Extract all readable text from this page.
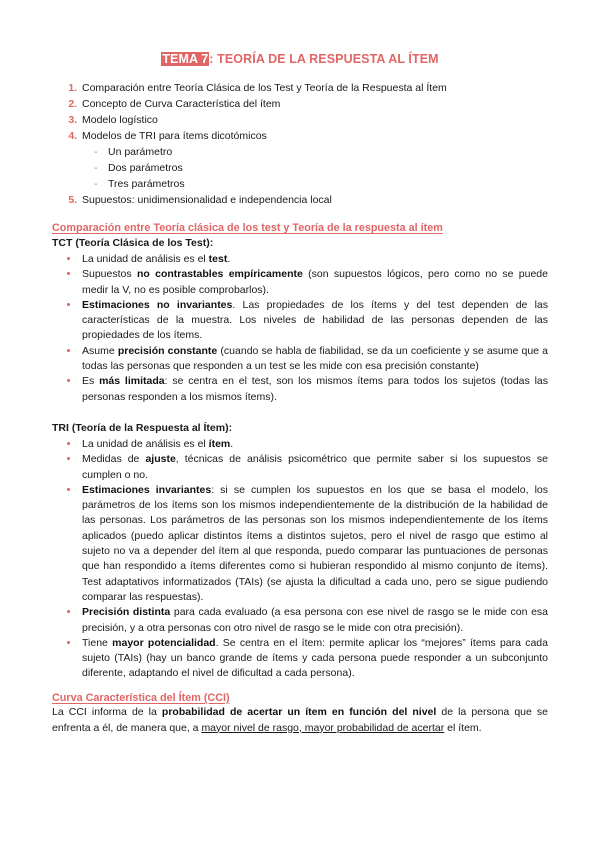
TEMA 7: TEORÍA DE LA RESPUESTA AL ÍTEM
1. Comparación entre Teoría Clásica de los Test y Teoría de la Respuesta al Ítem
2. Concepto de Curva Característica del ítem
3. Modelo logístico
4. Modelos de TRI para ítems dicotómicos
- Un parámetro
- Dos parámetros
- Tres parámetros
5. Supuestos: unidimensionalidad e independencia local
Comparación entre Teoría clásica de los test y Teoría de la respuesta al ítem
TCT (Teoría Clásica de los Test):
• La unidad de análisis es el test.
• Supuestos no contrastables empíricamente (son supuestos lógicos, pero como no se puede medir la V, no es posible comprobarlos).
• Estimaciones no invariantes. Las propiedades de los ítems y del test dependen de las características de la muestra. Los niveles de habilidad de las personas dependen de las propiedades de los ítems.
• Asume precisión constante (cuando se habla de fiabilidad, se da un coeficiente y se asume que a todas las personas que responden a un test se les mide con esa precisión constante)
• Es más limitada: se centra en el test, son los mismos ítems para todos los sujetos (todas las personas responden a los mismos ítems).
TRI (Teoría de la Respuesta al Ítem):
• La unidad de análisis es el ítem.
• Medidas de ajuste, técnicas de análisis psicométrico que permite saber si los supuestos se cumplen o no.
• Estimaciones invariantes: si se cumplen los supuestos en los que se basa el modelo, los parámetros de los ítems son los mismos independientemente de la distribución de la habilidad de las personas. Los parámetros de las personas son los mismos independientemente de los ítems aplicados (puedo aplicar distintos ítems a distintos sujetos, pero el nivel de rasgo que estimo al sujeto no va a depender del ítem al que responda, puedo comparar las puntuaciones de personas que han respondido a ítems diferentes como si hubieran respondido al mismo conjunto de ítems). Test adaptativos informatizados (TAIs) (se ajusta la dificultad a cada uno, pero se sigue pudiendo comparar las respuestas).
• Precisión distinta para cada evaluado (a esa persona con ese nivel de rasgo se le mide con esa precisión, y a otra personas con otro nivel de rasgo se le mide con otra precisión).
• Tiene mayor potencialidad. Se centra en el ítem: permite aplicar los “mejores” ítems para cada sujeto (TAIs) (hay un banco grande de ítems y cada persona puede responder a un subconjunto diferente, adaptando el nivel de dificultad a cada persona).
Curva Característica del Ítem (CCI)

La CCI informa de la probabilidad de acertar un ítem en función del nivel de la persona que se enfrenta a él, de manera que, a mayor nivel de rasgo, mayor probabilidad de acertar el ítem.
